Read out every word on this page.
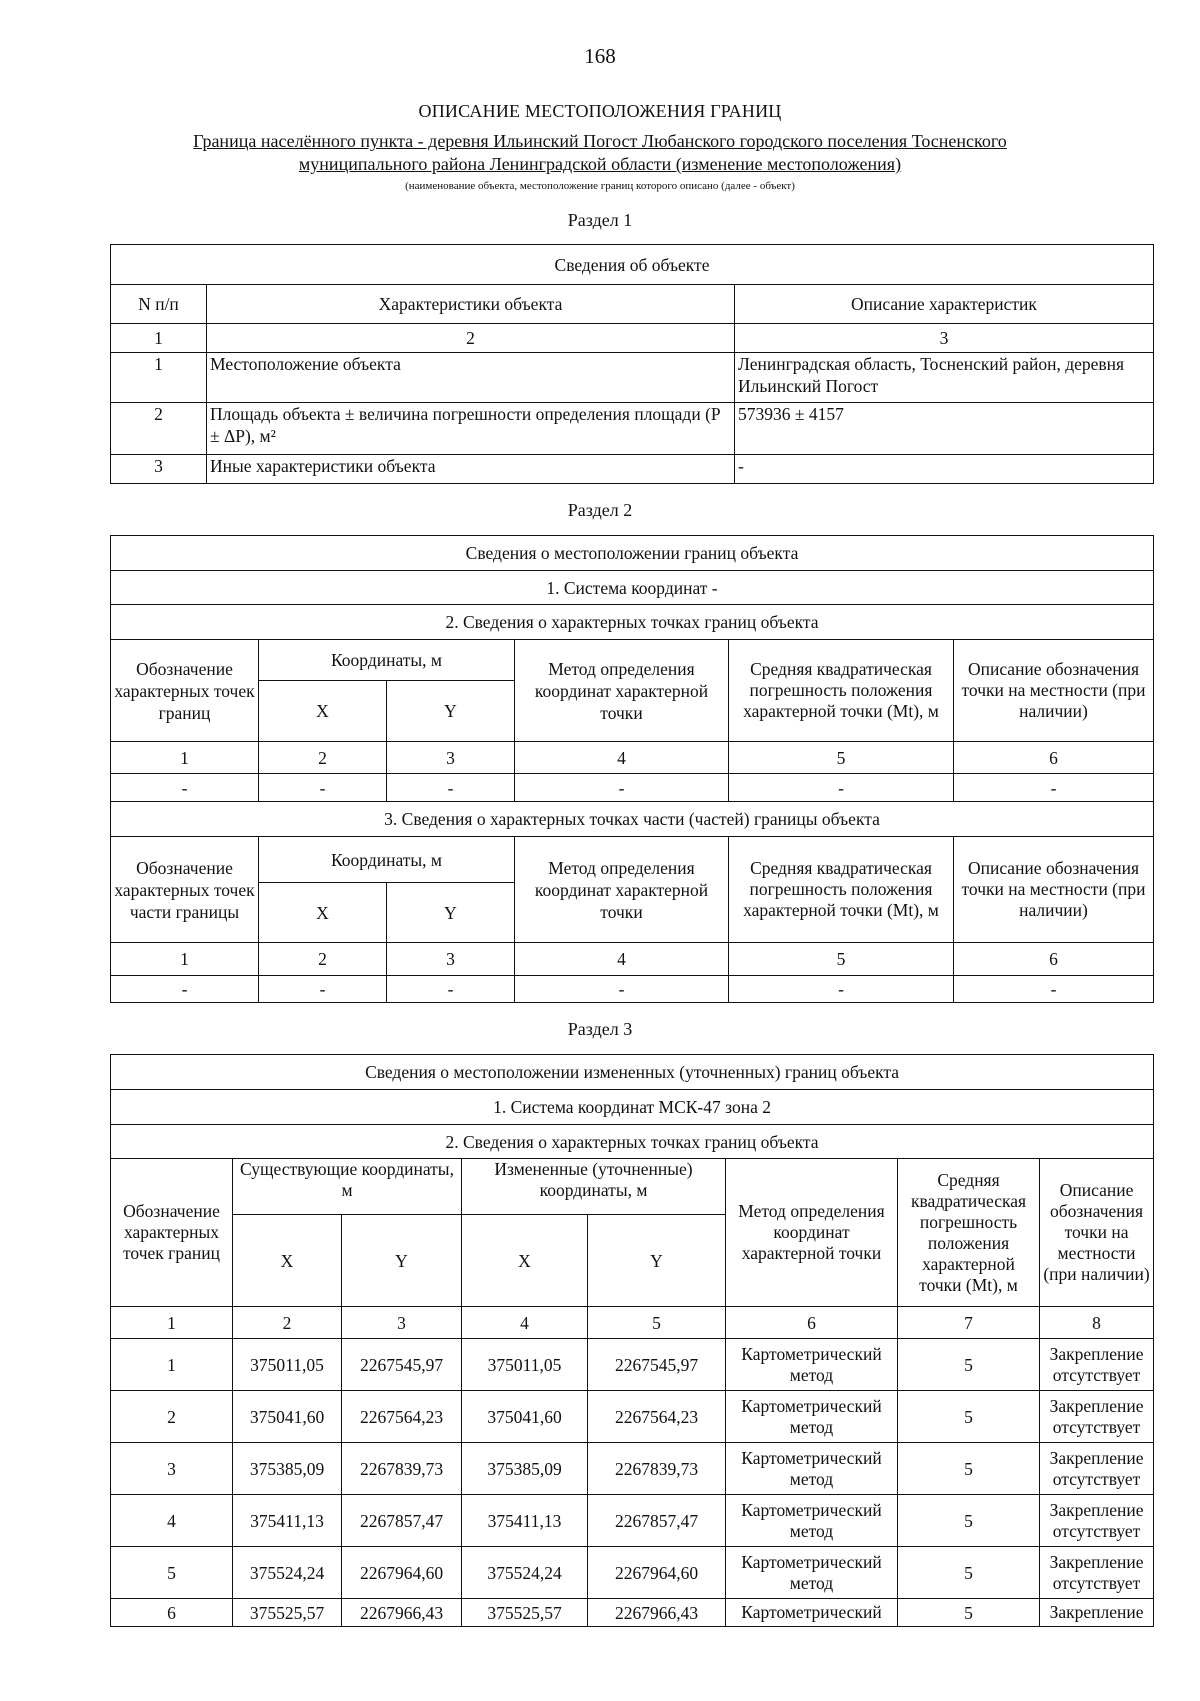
168
ОПИСАНИЕ МЕСТОПОЛОЖЕНИЯ ГРАНИЦ
Граница населённого пункта - деревня Ильинский Погост Любанского городского поселения Тосненского
муниципального района Ленинградской области (изменение местоположения)
(наименование объекта, местоположение границ которого описано (далее - объект)
Раздел 1
Сведения об объекте		
N п/п	Характеристики объекта	Описание характеристик
1	2	3
1	Местоположение объекта	Ленинградская область, Тосненский район, деревня Ильинский Погост
2	Площадь объекта ± величина погрешности определения площади (P ± ΔP), м²	573936 ± 4157
3	Иные характеристики объекта	-
Раздел 2
Сведения о местоположении границ объекта					
1. Система координат -					
2. Сведения о характерных точках границ объекта					
Обозначение характерных точек границ	Координаты, м		Метод определения координат характерной точки	Средняя квадратическая погрешность положения характерной точки (Mt), м	Описание обозначения точки на местности (при наличии)
	X	Y			
1	2	3	4	5	6
-	-	-	-	-	-
3. Сведения о характерных точках части (частей) границы объекта					
Обозначение характерных точек части границы	Координаты, м		Метод определения координат характерной точки	Средняя квадратическая погрешность положения характерной точки (Mt), м	Описание обозначения точки на местности (при наличии)
	X	Y			
1	2	3	4	5	6
-	-	-	-	-	-
Раздел 3
Сведения о местоположении измененных (уточненных) границ объекта							
1. Система координат МСК-47 зона 2							
2. Сведения о характерных точках границ объекта							
Обозначение характерных точек границ	Существующие координаты, м		Измененные (уточненные) координаты, м		Метод определения координат характерной точки	Средняя квадратическая погрешность положения характерной точки (Mt), м	Описание обозначения точки на местности (при наличии)
	X	Y	X	Y			
1	2	3	4	5	6	7	8
1	375011,05	2267545,97	375011,05	2267545,97	Картометрический метод	5	Закрепление отсутствует
2	375041,60	2267564,23	375041,60	2267564,23	Картометрический метод	5	Закрепление отсутствует
3	375385,09	2267839,73	375385,09	2267839,73	Картометрический метод	5	Закрепление отсутствует
4	375411,13	2267857,47	375411,13	2267857,47	Картометрический метод	5	Закрепление отсутствует
5	375524,24	2267964,60	375524,24	2267964,60	Картометрический метод	5	Закрепление отсутствует
6	375525,57	2267966,43	375525,57	2267966,43	Картометрический	5	Закрепление
